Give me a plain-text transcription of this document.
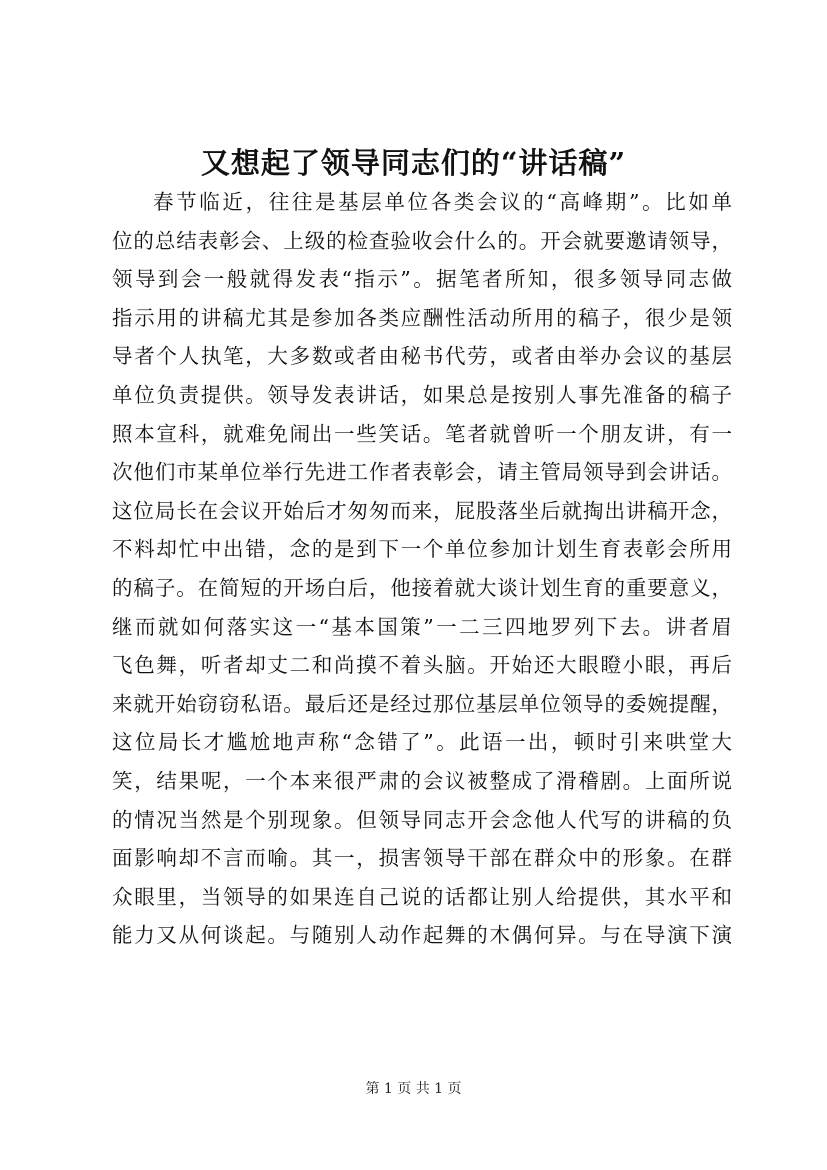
又想起了领导同志们的“讲话稿”
春节临近，往往是基层单位各类会议的“高峰期”。比如单
位的总结表彰会、上级的检查验收会什么的。开会就要邀请领导，
领导到会一般就得发表“指示”。据笔者所知，很多领导同志做
指示用的讲稿尤其是参加各类应酬性活动所用的稿子，很少是领
导者个人执笔，大多数或者由秘书代劳，或者由举办会议的基层
单位负责提供。领导发表讲话，如果总是按别人事先准备的稿子
照本宣科，就难免闹出一些笑话。笔者就曾听一个朋友讲，有一
次他们市某单位举行先进工作者表彰会，请主管局领导到会讲话。
这位局长在会议开始后才匆匆而来，屁股落坐后就掏出讲稿开念，
不料却忙中出错，念的是到下一个单位参加计划生育表彰会所用
的稿子。在简短的开场白后，他接着就大谈计划生育的重要意义，
继而就如何落实这一“基本国策”一二三四地罗列下去。讲者眉
飞色舞，听者却丈二和尚摸不着头脑。开始还大眼瞪小眼，再后
来就开始窃窃私语。最后还是经过那位基层单位领导的委婉提醒，
这位局长才尴尬地声称“念错了”。此语一出，顿时引来哄堂大
笑，结果呢，一个本来很严肃的会议被整成了滑稽剧。上面所说
的情况当然是个别现象。但领导同志开会念他人代写的讲稿的负
面影响却不言而喻。其一，损害领导干部在群众中的形象。在群
众眼里，当领导的如果连自己说的话都让别人给提供，其水平和
能力又从何谈起。与随别人动作起舞的木偶何异。与在导演下演
第 1 页 共 1 页
